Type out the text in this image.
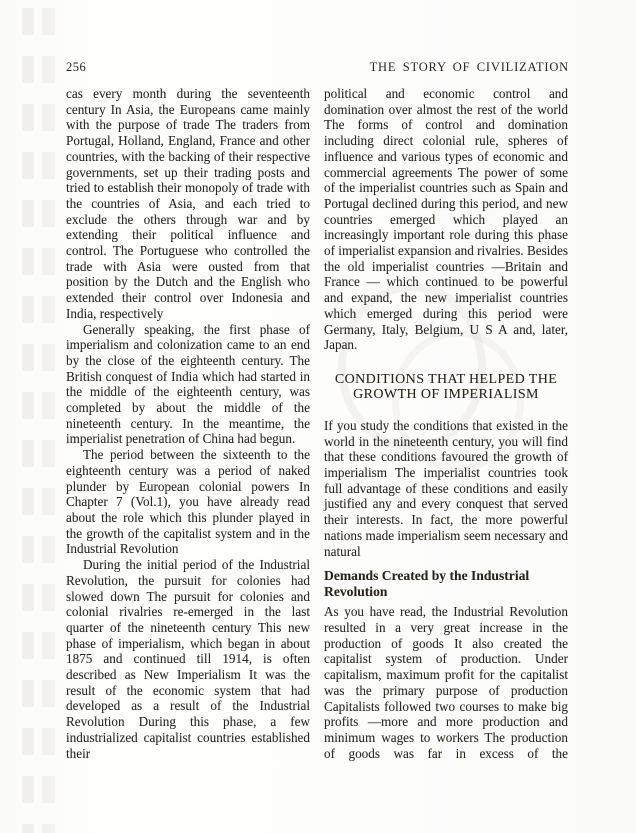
256	THE STORY OF CIVILIZATION

cas every month during the seventeenth century In Asia, the Europeans came mainly with the purpose of trade The traders from Portugal, Holland, England, France and other countries, with the backing of their respective governments, set up their trading posts and tried to establish their monopoly of trade with the countries of Asia, and each tried to exclude the others through war and by extending their political influence and control. The Portuguese who controlled the trade with Asia were ousted from that position by the Dutch and the English who extended their control over Indonesia and India, respectively

Generally speaking, the first phase of imperialism and colonization came to an end by the close of the eighteenth century. The British conquest of India which had started in the middle of the eighteenth century, was completed by about the middle of the nineteenth century. In the meantime, the imperialist penetration of China had begun.

The period between the sixteenth to the eighteenth century was a period of naked plunder by European colonial powers In Chapter 7 (Vol.1), you have already read about the role which this plunder played in the growth of the capitalist system and in the Industrial Revolution

During the initial period of the Industrial Revolution, the pursuit for colonies had slowed down The pursuit for colonies and colonial rivalries re-emerged in the last quarter of the nineteenth century This new phase of imperialism, which began in about 1875 and continued till 1914, is often described as New Imperialism It was the result of the economic system that had developed as a result of the Industrial Revolution During this phase, a few industrialized capitalist countries established their

political and economic control and domination over almost the rest of the world The forms of control and domination including direct colonial rule, spheres of influence and various types of economic and commercial agreements The power of some of the imperialist countries such as Spain and Portugal declined during this period, and new countries emerged which played an increasingly important role during this phase of imperialist expansion and rivalries. Besides the old imperialist countries —Britain and France — which continued to be powerful and expand, the new imperialist countries which emerged during this period were Germany, Italy, Belgium, U S A and, later, Japan.

CONDITIONS THAT HELPED THE
GROWTH OF IMPERIALISM

If you study the conditions that existed in the world in the nineteenth century, you will find that these conditions favoured the growth of imperialism The imperialist countries took full advantage of these conditions and easily justified any and every conquest that served their interests. In fact, the more powerful nations made imperialism seem necessary and natural

Demands Created by the Industrial
Revolution

As you have read, the Industrial Revolution resulted in a very great increase in the production of goods It also created the capitalist system of production. Under capitalism, maximum profit for the capitalist was the primary purpose of production Capitalists followed two courses to make big profits —more and more production and minimum wages to workers The production of goods was far in excess of the
